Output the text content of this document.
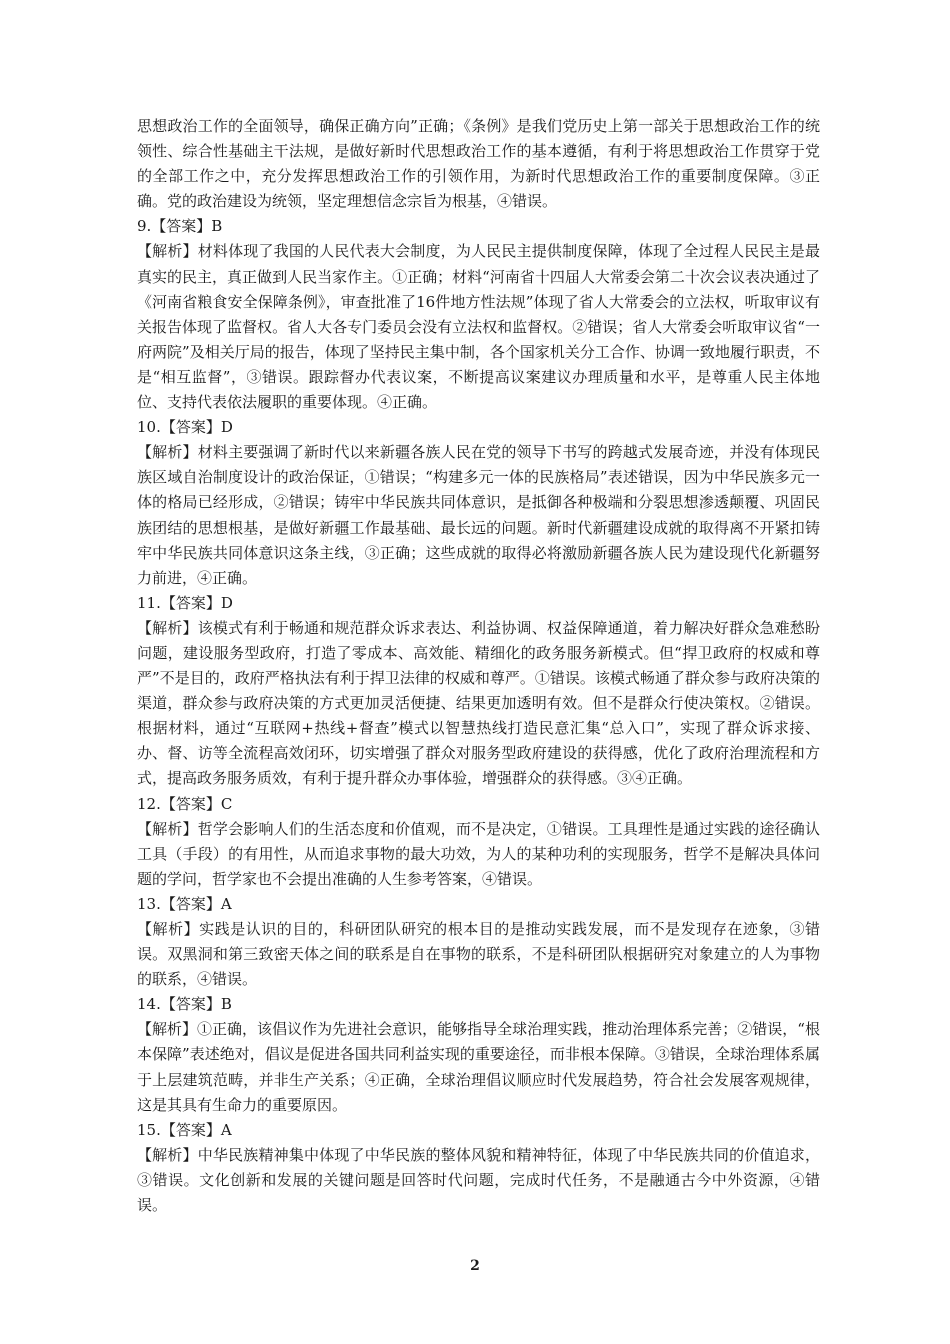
思想政治工作的全面领导，确保正确方向”正确；《条例》是我们党历史上第一部关于思想政治工作的统领性、综合性基础主干法规，是做好新时代思想政治工作的基本遵循，有利于将思想政治工作贯穿于党的全部工作之中，充分发挥思想政治工作的引领作用，为新时代思想政治工作的重要制度保障。③正确。党的政治建设为统领，坚定理想信念宗旨为根基，④错误。

9.【答案】B

【解析】材料体现了我国的人民代表大会制度，为人民民主提供制度保障，体现了全过程人民民主是最真实的民主，真正做到人民当家作主。①正确；材料“河南省十四届人大常委会第二十次会议表决通过了《河南省粮食安全保障条例》，审查批准了16件地方性法规”体现了省人大常委会的立法权，听取审议有关报告体现了监督权。省人大各专门委员会没有立法权和监督权。②错误；省人大常委会听取审议省“一府两院”及相关厅局的报告，体现了坚持民主集中制，各个国家机关分工合作、协调一致地履行职责，不是“相互监督”，③错误。跟踪督办代表议案，不断提高议案建议办理质量和水平，是尊重人民主体地位、支持代表依法履职的重要体现。④正确。

10.【答案】D

【解析】材料主要强调了新时代以来新疆各族人民在党的领导下书写的跨越式发展奇迹，并没有体现民族区域自治制度设计的政治保证，①错误；“构建多元一体的民族格局”表述错误，因为中华民族多元一体的格局已经形成，②错误；铸牢中华民族共同体意识，是抵御各种极端和分裂思想渗透颠覆、巩固民族团结的思想根基，是做好新疆工作最基础、最长远的问题。新时代新疆建设成就的取得离不开紧扣铸牢中华民族共同体意识这条主线，③正确；这些成就的取得必将激励新疆各族人民为建设现代化新疆努力前进，④正确。

11.【答案】D

【解析】该模式有利于畅通和规范群众诉求表达、利益协调、权益保障通道，着力解决好群众急难愁盼问题，建设服务型政府，打造了零成本、高效能、精细化的政务服务新模式。但“捍卫政府的权威和尊严”不是目的，政府严格执法有利于捍卫法律的权威和尊严。①错误。该模式畅通了群众参与政府决策的渠道，群众参与政府决策的方式更加灵活便捷、结果更加透明有效。但不是群众行使决策权。②错误。根据材料，通过“互联网+热线+督查”模式以智慧热线打造民意汇集“总入口”，实现了群众诉求接、办、督、访等全流程高效闭环，切实增强了群众对服务型政府建设的获得感，优化了政府治理流程和方式，提高政务服务质效，有利于提升群众办事体验，增强群众的获得感。③④正确。

12.【答案】C

【解析】哲学会影响人们的生活态度和价值观，而不是决定，①错误。工具理性是通过实践的途径确认工具（手段）的有用性，从而追求事物的最大功效，为人的某种功利的实现服务，哲学不是解决具体问题的学问，哲学家也不会提出准确的人生参考答案，④错误。

13.【答案】A

【解析】实践是认识的目的，科研团队研究的根本目的是推动实践发展，而不是发现存在迹象，③错误。双黑洞和第三致密天体之间的联系是自在事物的联系，不是科研团队根据研究对象建立的人为事物的联系，④错误。

14.【答案】B

【解析】①正确，该倡议作为先进社会意识，能够指导全球治理实践，推动治理体系完善；②错误，“根本保障”表述绝对，倡议是促进各国共同利益实现的重要途径，而非根本保障。③错误，全球治理体系属于上层建筑范畴，并非生产关系；④正确，全球治理倡议顺应时代发展趋势，符合社会发展客观规律，这是其具有生命力的重要原因。

15.【答案】A

【解析】中华民族精神集中体现了中华民族的整体风貌和精神特征，体现了中华民族共同的价值追求，③错误。文化创新和发展的关键问题是回答时代问题，完成时代任务，不是融通古今中外资源，④错误。

2
